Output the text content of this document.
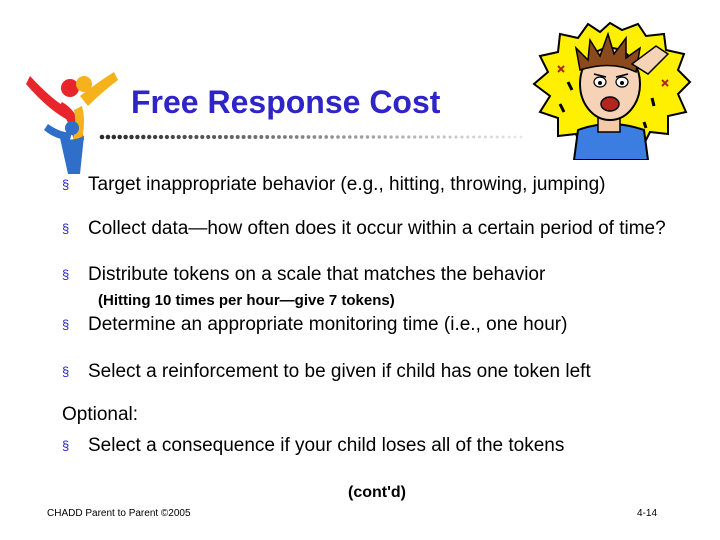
Free Response Cost
§ Target inappropriate behavior (e.g., hitting, throwing, jumping)
§ Collect data—how often does it occur within a certain period of time?
§ Distribute tokens on a scale that matches the behavior
(Hitting 10 times per hour—give 7 tokens)
§ Determine an appropriate monitoring time (i.e., one hour)
§ Select a reinforcement to be given if child has one token left
Optional:
§ Select a consequence if your child loses all of the tokens
(cont'd)
CHADD Parent to Parent ©2005	4-14
